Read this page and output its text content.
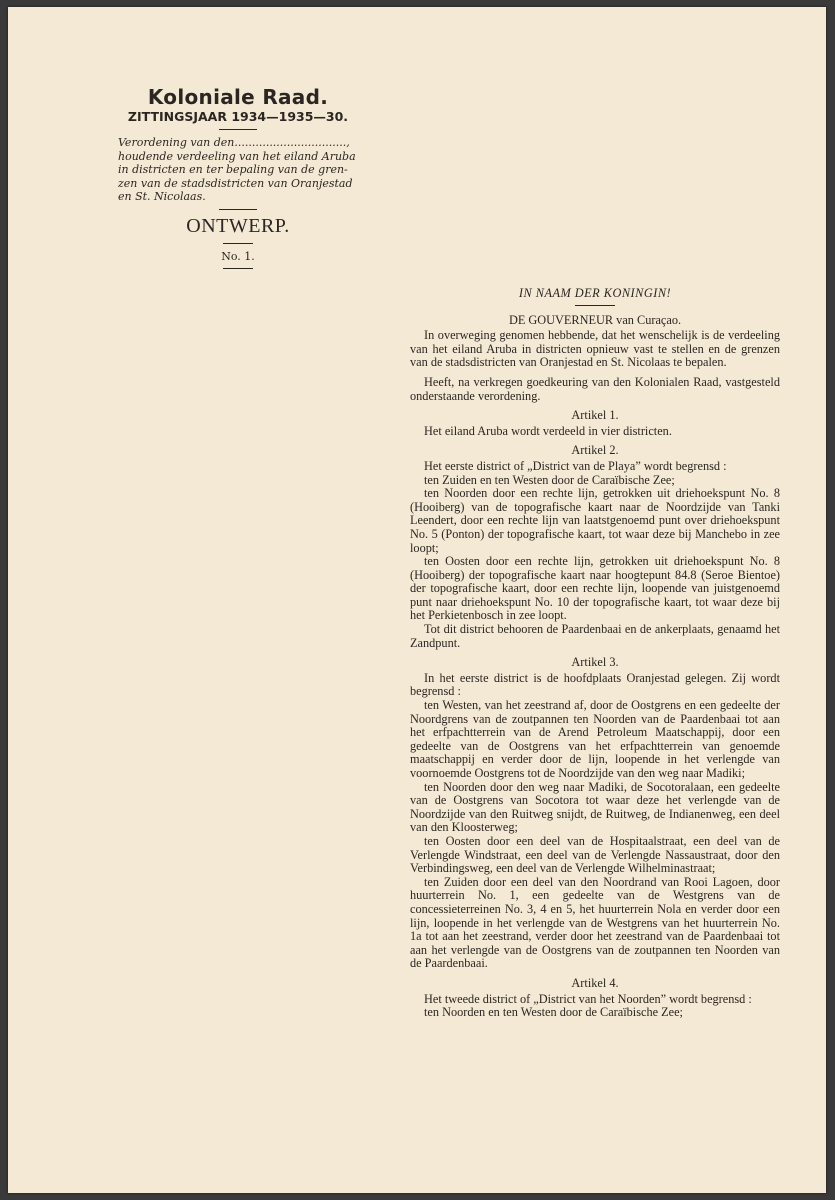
Koloniale Raad.

ZITTINGSJAAR 1934—1935—30.

Verordening van den................................,
houdende verdeeling van het eiland Aruba
in districten en ter bepaling van de gren-
zen van de stadsdistricten van Oranjestad
en St. Nicolaas.

ONTWERP.

No. 1.

IN NAAM DER KONINGIN!

DE GOUVERNEUR van Curaçao.

In overweging genomen hebbende, dat het wenschelijk is de verdeeling van het eiland Aruba in districten opnieuw vast te stellen en de grenzen van de stadsdistricten van Oranjestad en St. Nicolaas te bepalen.

Heeft, na verkregen goedkeuring van den Kolonialen Raad, vastgesteld onderstaande verordening.

Artikel 1.

Het eiland Aruba wordt verdeeld in vier districten.

Artikel 2.

Het eerste district of „District van de Playa” wordt begrensd :

ten Zuiden en ten Westen door de Caraïbische Zee;

ten Noorden door een rechte lijn, getrokken uit driehoekspunt No. 8 (Hooiberg) van de topografische kaart naar de Noordzijde van Tanki Leendert, door een rechte lijn van laatstgenoemd punt over driehoekspunt No. 5 (Ponton) der topografische kaart, tot waar deze bij Manchebo in zee loopt;

ten Oosten door een rechte lijn, getrokken uit driehoekspunt No. 8 (Hooiberg) der topografische kaart naar hoogtepunt 84.8 (Seroe Bientoe) der topografische kaart, door een rechte lijn, loopende van juistgenoemd punt naar driehoekspunt No. 10 der topografische kaart, tot waar deze bij het Perkietenbosch in zee loopt.

Tot dit district behooren de Paardenbaai en de ankerplaats, genaamd het Zandpunt.

Artikel 3.

In het eerste district is de hoofdplaats Oranjestad gelegen. Zij wordt begrensd :

ten Westen, van het zeestrand af, door de Oostgrens en een gedeelte der Noordgrens van de zoutpannen ten Noorden van de Paardenbaai tot aan het erfpachtterrein van de Arend Petroleum Maatschappij, door een gedeelte van de Oostgrens van het erfpachtterrein van genoemde maatschappij en verder door de lijn, loopende in het verlengde van voornoemde Oostgrens tot de Noordzijde van den weg naar Madiki;

ten Noorden door den weg naar Madiki, de Socotoralaan, een gedeelte van de Oostgrens van Socotora tot waar deze het verlengde van de Noordzijde van den Ruitweg snijdt, de Ruitweg, de Indianenweg, een deel van den Kloosterweg;

ten Oosten door een deel van de Hospitaalstraat, een deel van de Verlengde Windstraat, een deel van de Verlengde Nassaustraat, door den Verbindingsweg, een deel van de Verlengde Wilhelminastraat;

ten Zuiden door een deel van den Noordrand van Rooi Lagoen, door huurterrein No. 1, een gedeelte van de Westgrens van de concessieterreinen No. 3, 4 en 5, het huurterrein Nola en verder door een lijn, loopende in het verlengde van de Westgrens van het huurterrein No. 1a tot aan het zeestrand, verder door het zeestrand van de Paardenbaai tot aan het verlengde van de Oostgrens van de zoutpannen ten Noorden van de Paardenbaai.

Artikel 4.

Het tweede district of „District van het Noorden” wordt begrensd :

ten Noorden en ten Westen door de Caraïbische Zee;
